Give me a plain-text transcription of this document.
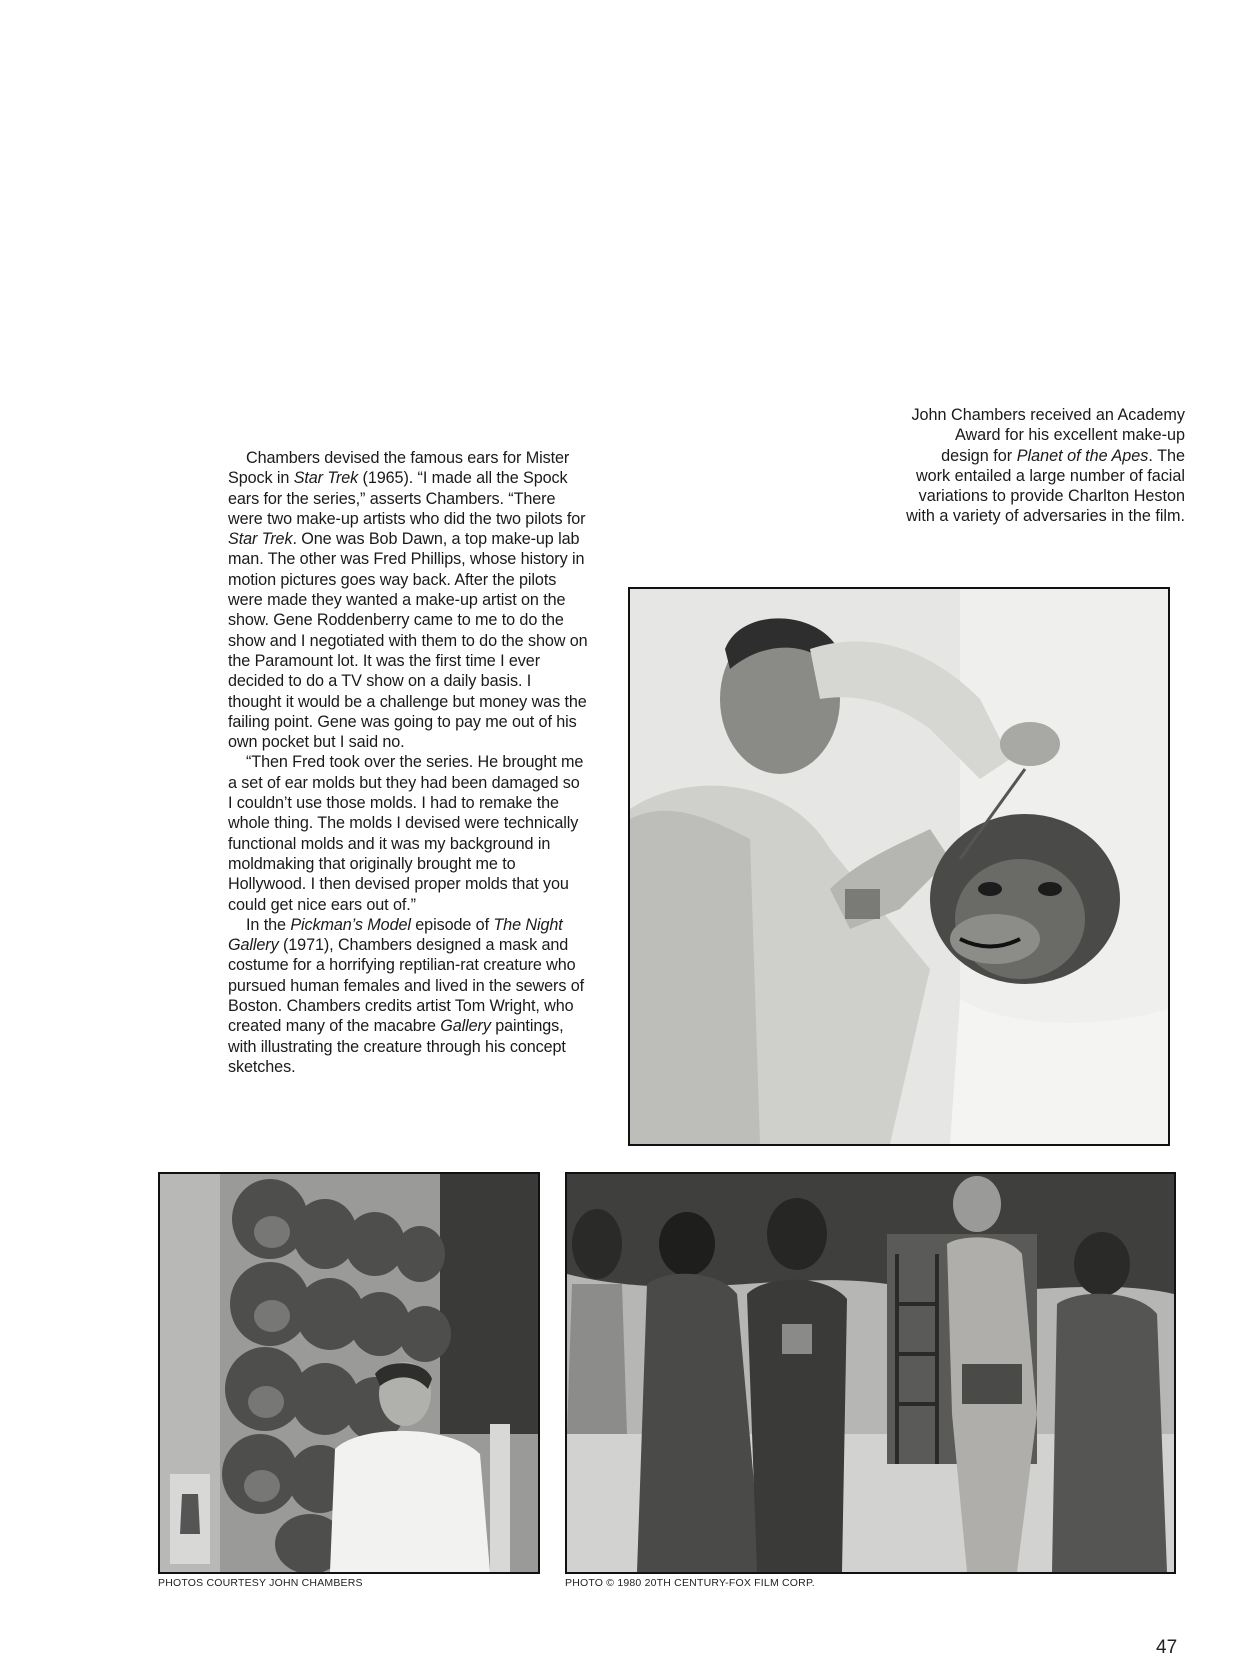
Chambers devised the famous ears for Mister Spock in Star Trek (1965). “I made all the Spock ears for the series,” asserts Chambers. “There were two make-up artists who did the two pilots for Star Trek. One was Bob Dawn, a top make-up lab man. The other was Fred Phillips, whose history in motion pictures goes way back. After the pilots were made they wanted a make-up artist on the show. Gene Roddenberry came to me to do the show and I negotiated with them to do the show on the Paramount lot. It was the first time I ever decided to do a TV show on a daily basis. I thought it would be a challenge but money was the failing point. Gene was going to pay me out of his own pocket but I said no.

“Then Fred took over the series. He brought me a set of ear molds but they had been damaged so I couldn’t use those molds. I had to remake the whole thing. The molds I devised were technically functional molds and it was my background in moldmaking that originally brought me to Hollywood. I then devised proper molds that you could get nice ears out of.”

In the Pickman’s Model episode of The Night Gallery (1971), Chambers designed a mask and costume for a horrifying reptilian-rat creature who pursued human females and lived in the sewers of Boston. Chambers credits artist Tom Wright, who created many of the macabre Gallery paintings, with illustrating the creature through his concept sketches.

John Chambers received an Academy Award for his excellent make-up design for Planet of the Apes. The work entailed a large number of facial variations to provide Charlton Heston with a variety of adversaries in the film.
PHOTOS COURTESY JOHN CHAMBERS	PHOTO © 1980 20TH CENTURY-FOX FILM CORP.
47
